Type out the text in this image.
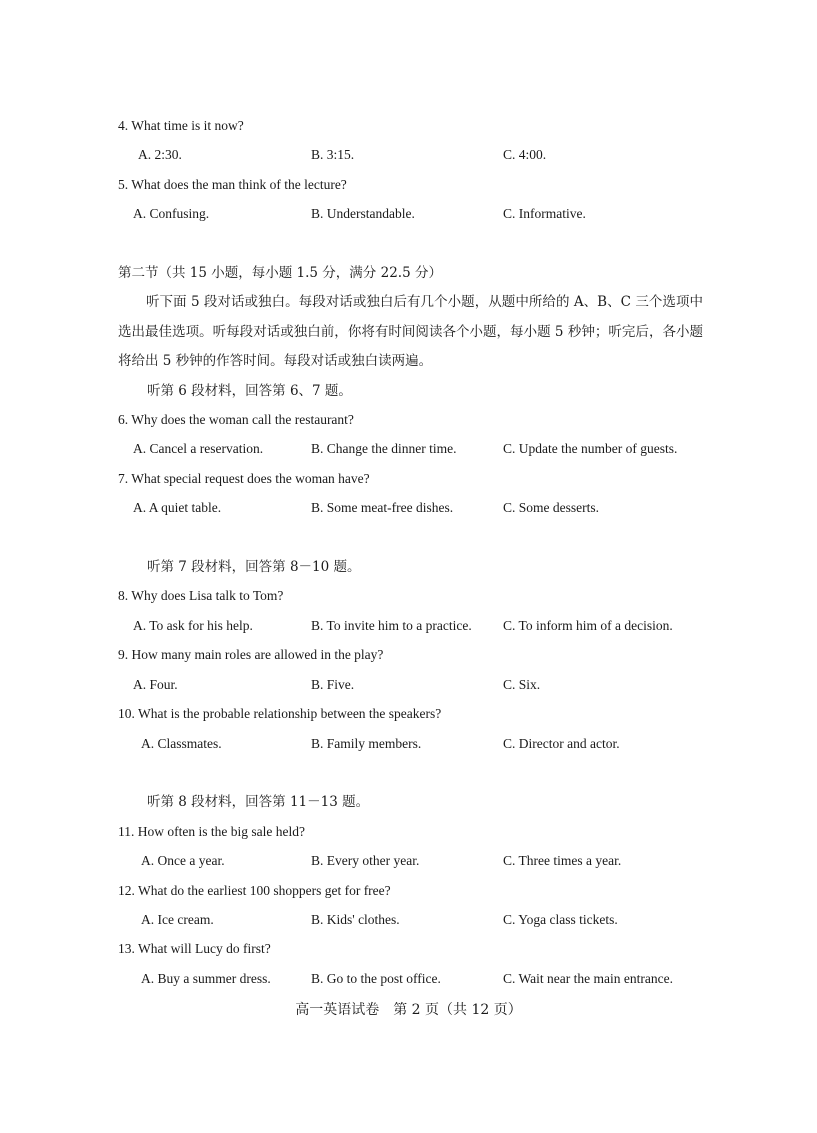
4. What time is it now?
A. 2:30.	B. 3:15.	C. 4:00.
5. What does the man think of the lecture?
A. Confusing.	B. Understandable.	C. Informative.
第二节（共 15 小题，每小题 1.5 分，满分 22.5 分）
听下面 5 段对话或独白。每段对话或独白后有几个小题，从题中所给的 A、B、C 三个选项中选出最佳选项。听每段对话或独白前，你将有时间阅读各个小题，每小题 5 秒钟；听完后，各小题将给出 5 秒钟的作答时间。每段对话或独白读两遍。
听第 6 段材料，回答第 6、7 题。
6. Why does the woman call the restaurant?
A. Cancel a reservation.	B. Change the dinner time.	C. Update the number of guests.
7. What special request does the woman have?
A. A quiet table.	B. Some meat-free dishes.	C. Some desserts.
听第 7 段材料，回答第 8－10 题。
8. Why does Lisa talk to Tom?
A. To ask for his help.	B. To invite him to a practice. C. To inform him of a decision.
9. How many main roles are allowed in the play?
A. Four.	B. Five.	C. Six.
10. What is the probable relationship between the speakers?
A. Classmates.	B. Family members.	C. Director and actor.
听第 8 段材料，回答第 11－13 题。
11. How often is the big sale held?
A. Once a year.	B. Every other year.	C. Three times a year.
12. What do the earliest 100 shoppers get for free?
A. Ice cream.	B. Kids' clothes.	C. Yoga class tickets.
13. What will Lucy do first?
A. Buy a summer dress.	B. Go to the post office.	C. Wait near the main entrance.
高一英语试卷　第 2 页（共 12 页）
